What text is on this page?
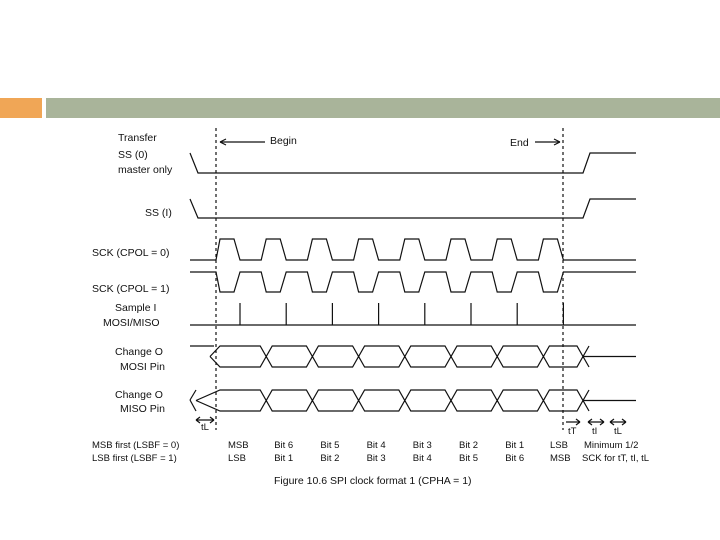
Transfer
SS (0)
master only
SS (I)
SCK (CPOL = 0)
SCK (CPOL = 1)
Sample I
MOSI/MISO
Change O
MOSI Pin
Change O
MISO Pin
Begin	End
tL	tT tI tL
MSB first (LSBF = 0)
LSB first (LSBF = 1)
MSB	Bit 6	Bit 5	Bit 4	Bit 3	Bit 2	Bit 1	LSB
LSB	Bit 1	Bit 2	Bit 3	Bit 4	Bit 5	Bit 6	MSB
Minimum 1/2
SCK for tT, tI, tL
Figure 10.6 SPI clock format 1 (CPHA = 1)
